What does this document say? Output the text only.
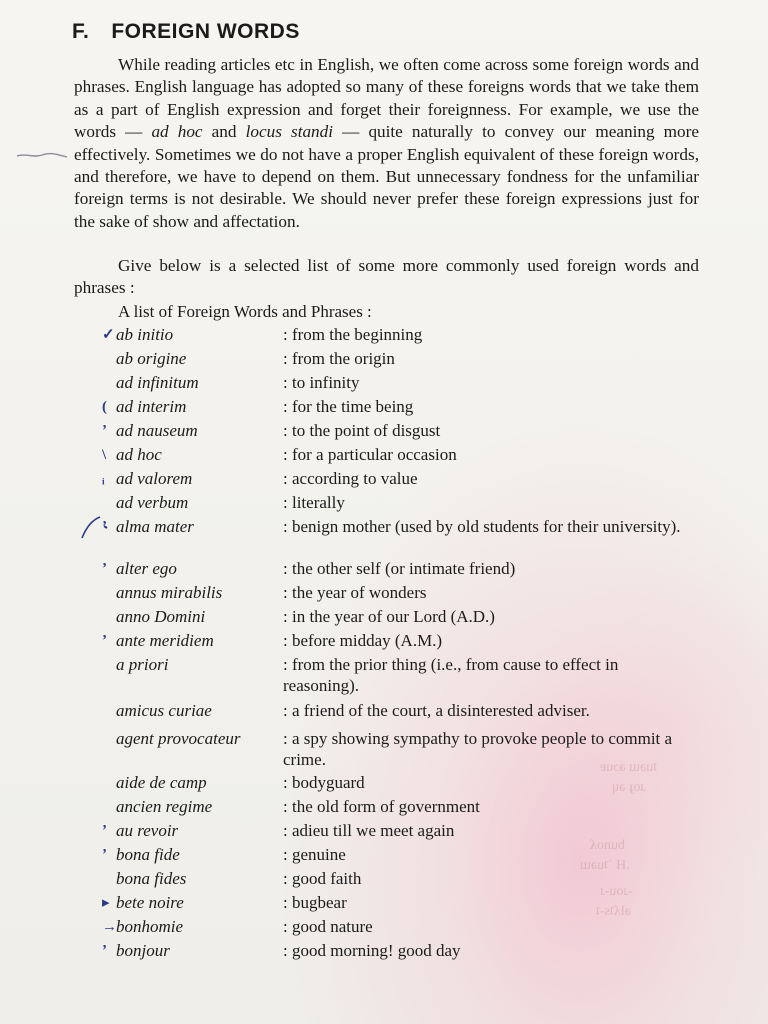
F. FOREIGN WORDS

While reading articles etc in English, we often come across some foreign words and phrases. English language has adopted so many of these foreigns words that we take them as a part of English expression and forget their foreignness. For example, we use the words — ad hoc and locus standi — quite naturally to convey our meaning more effectively. Sometimes we do not have a proper English equivalent of these foreign words, and therefore, we have to depend on them. But unnecessary fondness for the unfamiliar foreign terms is not desirable. We should never prefer these foreign expressions just for the sake of show and affectation.

Give below is a selected list of some more commonly used foreign words and phrases :

A list of Foreign Words and Phrases :

✓ ab initio	: from the beginning
ab origine	: from the origin
ad infinitum	: to infinity
( ad interim	: for the time being
ʼ ad nauseum	: to the point of disgust
\ ad hoc	: for a particular occasion
ᵢ ad valorem	: according to value
ad verbum	: literally
ʼ alma mater	: benign mother (used by old students for their university).
ʼ alter ego	: the other self (or intimate friend)
annus mirabilis	: the year of wonders
anno Domini	: in the year of our Lord (A.D.)
ʼ ante meridiem	: before midday (A.M.)
a priori	: from the prior thing (i.e., from cause to effect in reasoning).
amicus curiae	: a friend of the court, a disinterested adviser.
agent provocateur	: a spy showing sympathy to provoke people to commit a crime.
aide de camp	: bodyguard
ancien regime	: the old form of government
ʼ au revoir	: adieu till we meet again
ʼ bona fide	: genuine
bona fides	: good faith
▸ bete noire	: bugbear
→ bonhomie	: good nature
ʼ bonjour	: good morning! good day
ʇuǝɯ ǝɔuɐ
ɹoɟ ǝɥ
bunoʎ
.H ˙ʇuǝɯ
-ɹou-ɹ
ǝlʎʇs-ʇ
